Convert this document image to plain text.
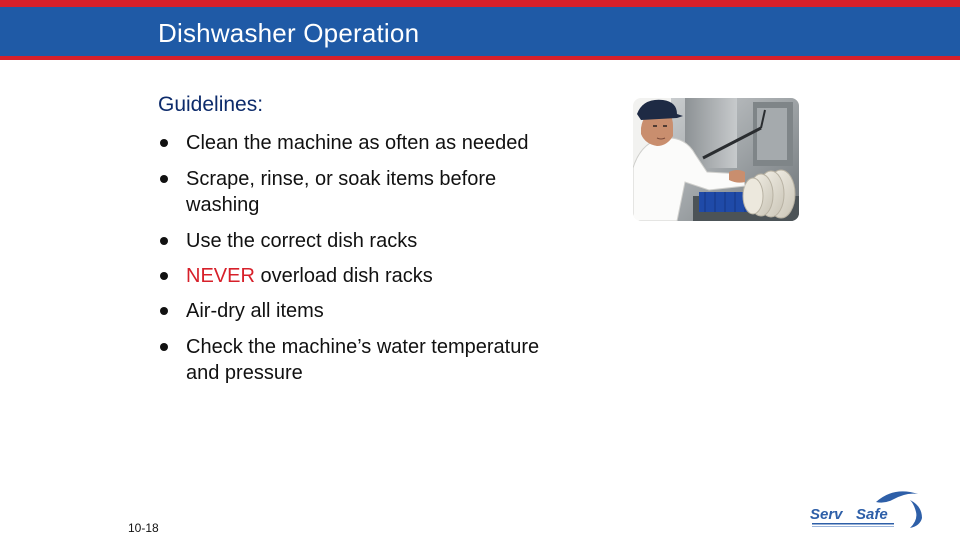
Dishwasher Operation
Guidelines:
Clean the machine as often as needed
Scrape, rinse, or soak items before washing
Use the correct dish racks
NEVER overload dish racks
Air-dry all items
Check the machine’s water temperature and pressure
10-18
Serv Safe
